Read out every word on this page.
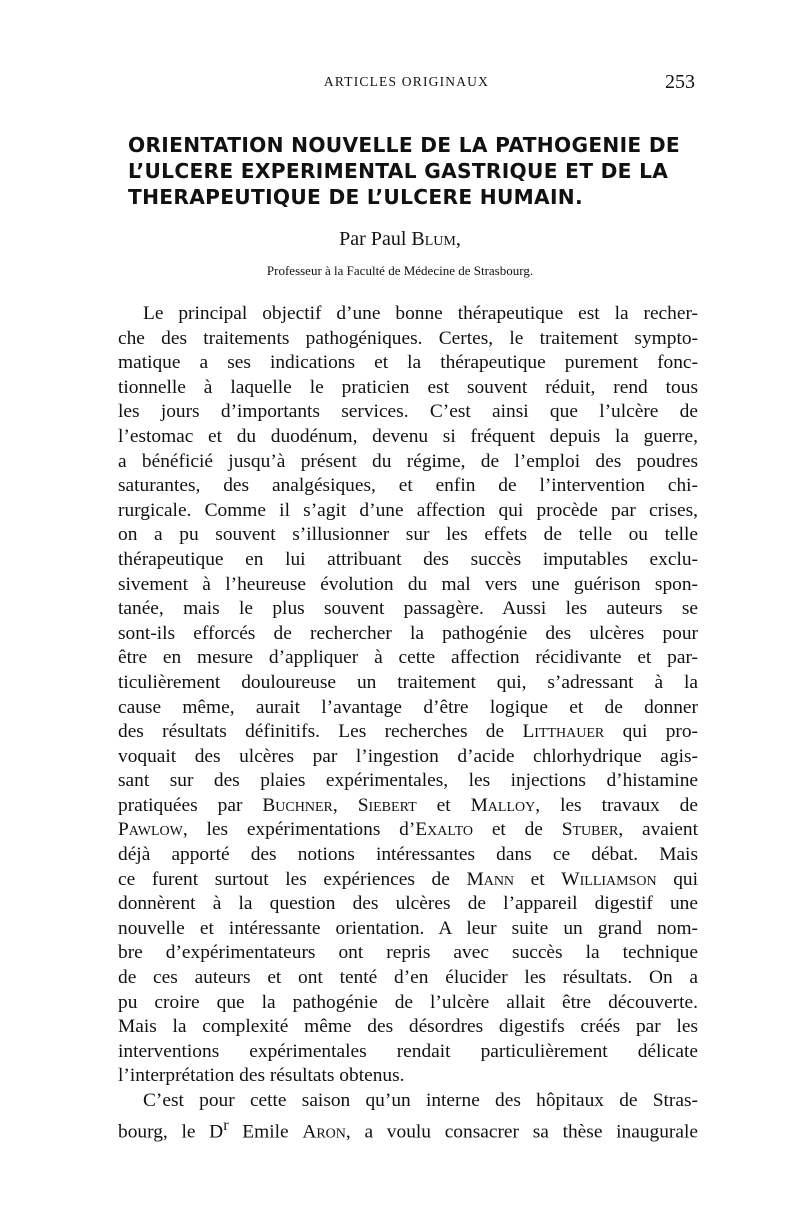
ARTICLES ORIGINAUX	253
ORIENTATION NOUVELLE DE LA PATHOGENIE DE
L’ULCERE EXPERIMENTAL GASTRIQUE ET DE LA
THERAPEUTIQUE DE L’ULCERE HUMAIN.
Par Paul Blum,
Professeur à la Faculté de Médecine de Strasbourg.
Le principal objectif d’une bonne thérapeutique est la recher-
che des traitements pathogéniques. Certes, le traitement sympto-
matique a ses indications et la thérapeutique purement fonc-
tionnelle à laquelle le praticien est souvent réduit, rend tous
les jours d’importants services. C’est ainsi que l’ulcère de
l’estomac et du duodénum, devenu si fréquent depuis la guerre,
a bénéficié jusqu’à présent du régime, de l’emploi des poudres
saturantes, des analgésiques, et enfin de l’intervention chi-
rurgicale. Comme il s’agit d’une affection qui procède par crises,
on a pu souvent s’illusionner sur les effets de telle ou telle
thérapeutique en lui attribuant des succès imputables exclu-
sivement à l’heureuse évolution du mal vers une guérison spon-
tanée, mais le plus souvent passagère. Aussi les auteurs se
sont-ils efforcés de rechercher la pathogénie des ulcères pour
être en mesure d’appliquer à cette affection récidivante et par-
ticulièrement douloureuse un traitement qui, s’adressant à la
cause même, aurait l’avantage d’être logique et de donner
des résultats définitifs. Les recherches de Litthauer qui pro-
voquait des ulcères par l’ingestion d’acide chlorhydrique agis-
sant sur des plaies expérimentales, les injections d’histamine
pratiquées par Buchner, Siebert et Malloy, les travaux de
Pawlow, les expérimentations d’Exalto et de Stuber, avaient
déjà apporté des notions intéressantes dans ce débat. Mais
ce furent surtout les expériences de Mann et Williamson qui
donnèrent à la question des ulcères de l’appareil digestif une
nouvelle et intéressante orientation. A leur suite un grand nom-
bre d’expérimentateurs ont repris avec succès la technique
de ces auteurs et ont tenté d’en élucider les résultats. On a
pu croire que la pathogénie de l’ulcère allait être découverte.
Mais la complexité même des désordres digestifs créés par les
interventions expérimentales rendait particulièrement délicate
l’interprétation des résultats obtenus.
C’est pour cette saison qu’un interne des hôpitaux de Stras-
bourg, le $D^r$ Emile Aron, a voulu consacrer sa thèse inaugurale
